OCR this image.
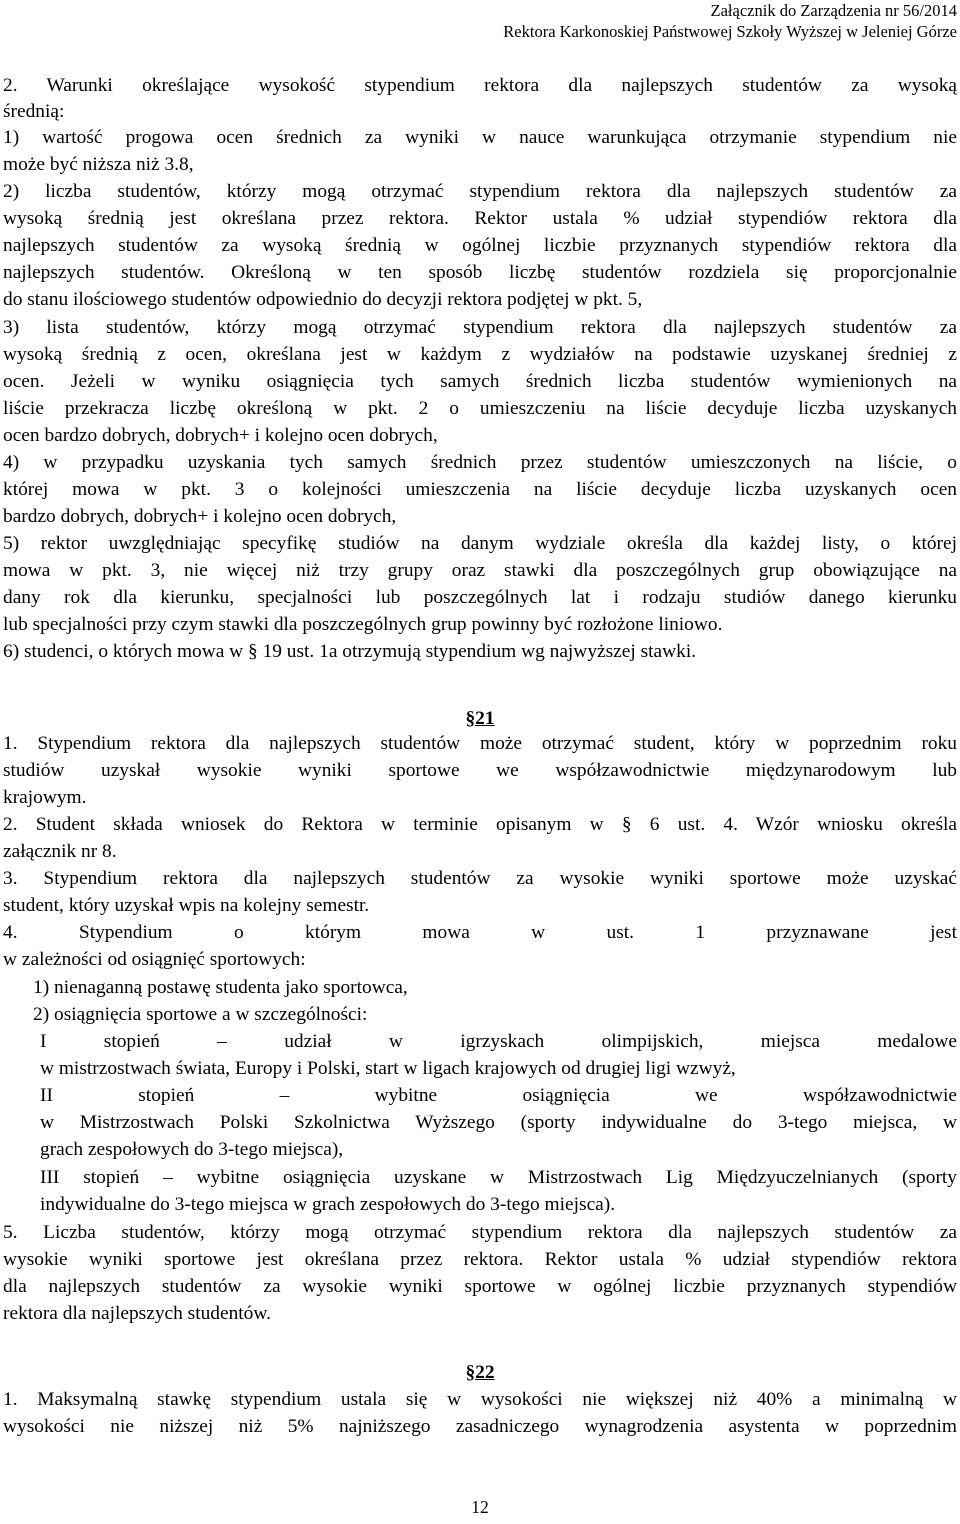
Załącznik do Zarządzenia nr 56/2014
Rektora Karkonoskiej Państwowej Szkoły Wyższej w Jeleniej Górze
2. Warunki określające wysokość stypendium rektora dla najlepszych studentów za wysoką
średnią:
1) wartość progowa ocen średnich za wyniki w nauce warunkująca otrzymanie stypendium nie
może być niższa niż 3.8,
2) liczba studentów, którzy mogą otrzymać stypendium rektora dla najlepszych studentów za
wysoką średnią jest określana przez rektora. Rektor ustala % udział stypendiów rektora dla
najlepszych studentów za wysoką średnią w ogólnej liczbie przyznanych stypendiów rektora dla
najlepszych studentów. Określoną w ten sposób liczbę studentów rozdziela się proporcjonalnie
do stanu ilościowego studentów odpowiednio do decyzji rektora podjętej w pkt. 5,
3) lista studentów, którzy mogą otrzymać stypendium rektora dla najlepszych studentów za
wysoką średnią z ocen, określana jest w każdym z wydziałów na podstawie uzyskanej średniej z
ocen. Jeżeli w wyniku osiągnięcia tych samych średnich liczba studentów wymienionych na
liście przekracza liczbę określoną w pkt. 2 o umieszczeniu na liście decyduje liczba uzyskanych
ocen bardzo dobrych, dobrych+ i kolejno ocen dobrych,
4) w przypadku uzyskania tych samych średnich przez studentów umieszczonych na liście, o
której mowa w pkt. 3 o kolejności umieszczenia na liście decyduje liczba uzyskanych ocen
bardzo dobrych, dobrych+ i kolejno ocen dobrych,
5) rektor uwzględniając specyfikę studiów na danym wydziale określa dla każdej listy, o której
mowa w pkt. 3, nie więcej niż trzy grupy oraz stawki dla poszczególnych grup obowiązujące na
dany rok dla kierunku, specjalności lub poszczególnych lat i rodzaju studiów danego kierunku
lub specjalności przy czym stawki dla poszczególnych grup powinny być rozłożone liniowo.
6) studenci, o których mowa w § 19 ust. 1a otrzymują stypendium wg najwyższej stawki.
§21
1. Stypendium rektora dla najlepszych studentów może otrzymać student, który w poprzednim roku
studiów uzyskał wysokie wyniki sportowe we współzawodnictwie międzynarodowym lub
krajowym.
2. Student składa wniosek do Rektora w terminie opisanym w § 6 ust. 4. Wzór wniosku określa
załącznik nr 8.
3. Stypendium rektora dla najlepszych studentów za wysokie wyniki sportowe może uzyskać
student, który uzyskał wpis na kolejny semestr.
4. Stypendium o którym mowa w ust. 1 przyznawane jest
w zależności od osiągnięć sportowych:
1) nienaganną postawę studenta jako sportowca,
2) osiągnięcia sportowe a w szczególności:
I stopień – udział w igrzyskach olimpijskich, miejsca medalowe
w mistrzostwach świata, Europy i Polski, start w ligach krajowych od drugiej ligi wzwyż,
II stopień – wybitne osiągnięcia we współzawodnictwie
w Mistrzostwach Polski Szkolnictwa Wyższego (sporty indywidualne do 3-tego miejsca, w
grach zespołowych do 3-tego miejsca),
III stopień – wybitne osiągnięcia uzyskane w Mistrzostwach Lig Międzyuczelnianych (sporty
indywidualne do 3-tego miejsca w grach zespołowych do 3-tego miejsca).
5. Liczba studentów, którzy mogą otrzymać stypendium rektora dla najlepszych studentów za
wysokie wyniki sportowe jest określana przez rektora. Rektor ustala % udział stypendiów rektora
dla najlepszych studentów za wysokie wyniki sportowe w ogólnej liczbie przyznanych stypendiów
rektora dla najlepszych studentów.
§22
1. Maksymalną stawkę stypendium ustala się w wysokości nie większej niż 40% a minimalną w
wysokości nie niższej niż 5% najniższego zasadniczego wynagrodzenia asystenta w poprzednim
12
